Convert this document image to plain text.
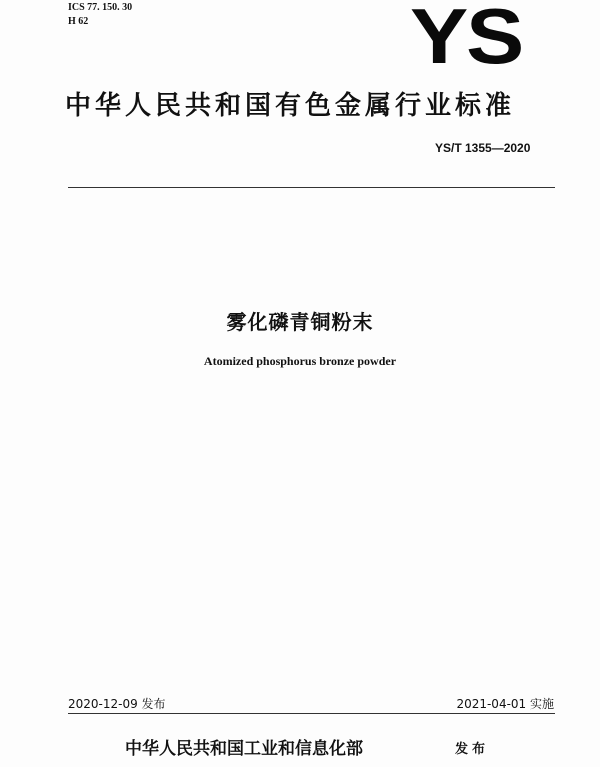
ICS 77. 150. 30
H 62	YS
中华人民共和国有色金属行业标准
YS/T 1355—2020
雾化磷青铜粉末
Atomized phosphorus bronze powder
2020-12-09 发布	2021-04-01 实施
中华人民共和国工业和信息化部	发布
